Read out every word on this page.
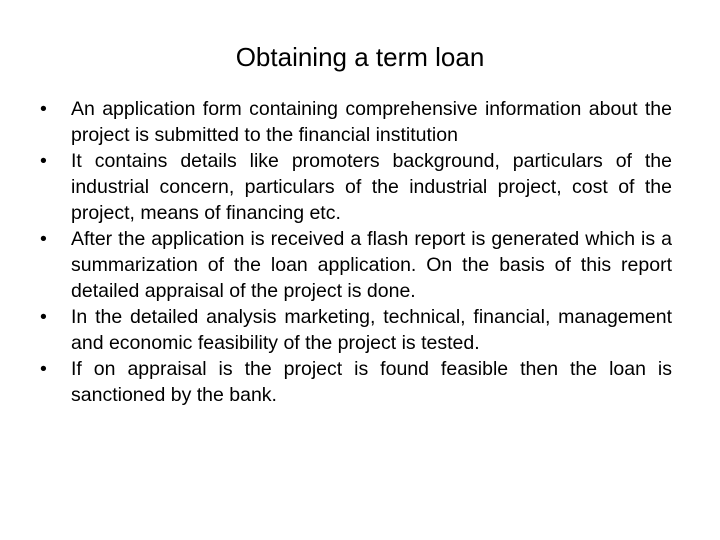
Obtaining a term loan
•	An application form containing comprehensive information about the project is submitted to the financial institution
•	It contains details like promoters background, particulars of the industrial concern, particulars of the industrial project, cost of the project, means of financing etc.
•	After the application is received a flash report is generated which is a summarization of the loan application. On the basis of this report detailed appraisal of the project is done.
•	In the detailed analysis marketing, technical, financial, management and economic feasibility of the project is tested.
•	If on appraisal is the project is found feasible then the loan is sanctioned by the bank.
